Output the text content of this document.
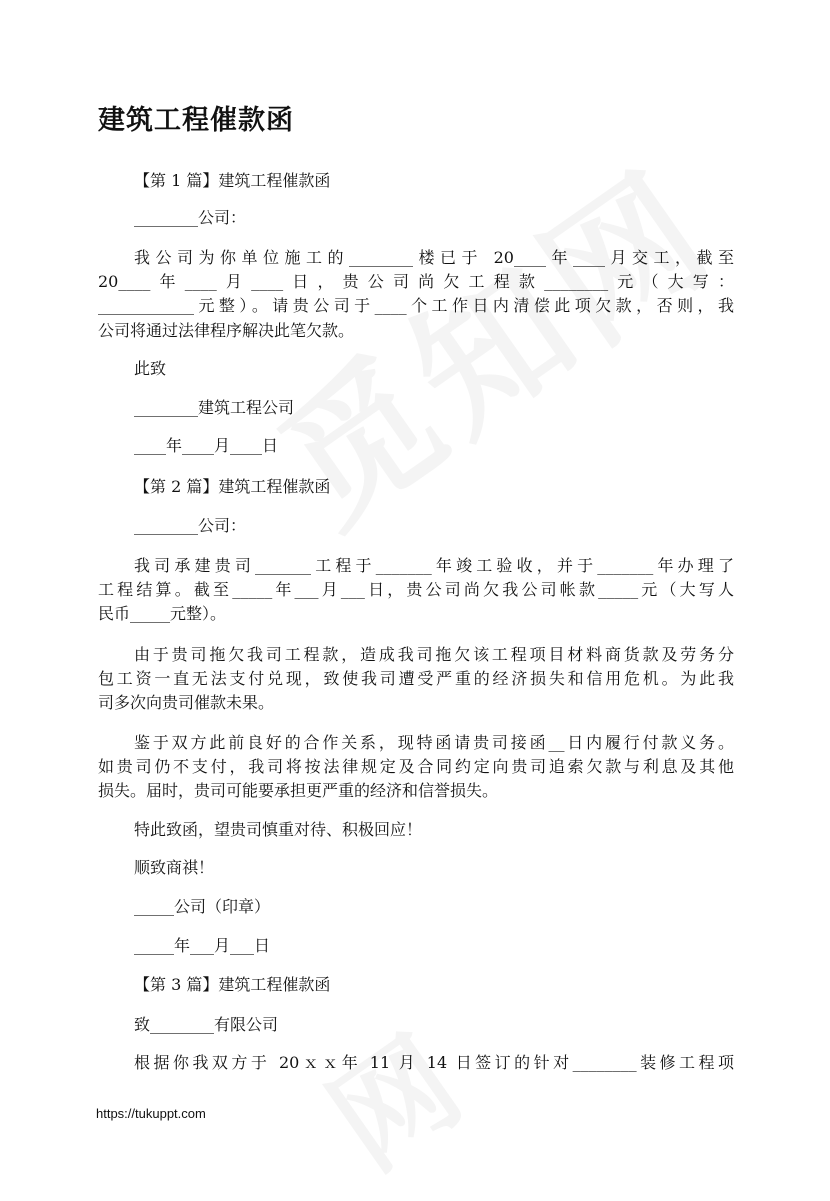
建筑工程催款函
【第 1 篇】建筑工程催款函
________公司：
我公司为你单位施工的________楼已于 20____年____月交工，截至
20____年____月____日，贵公司尚欠工程款________元（大写：
____________元整）。请贵公司于____个工作日内清偿此项欠款，否则，我
公司将通过法律程序解决此笔欠款。
此致
________建筑工程公司
____年____月____日
【第 2 篇】建筑工程催款函
________公司：
我司承建贵司_______工程于_______年竣工验收，并于_______年办理了
工程结算。截至_____年___月___日，贵公司尚欠我公司帐款_____元（大写人
民币_____元整）。
由于贵司拖欠我司工程款，造成我司拖欠该工程项目材料商货款及劳务分
包工资一直无法支付兑现，致使我司遭受严重的经济损失和信用危机。为此我
司多次向贵司催款未果。
鉴于双方此前良好的合作关系，现特函请贵司接函__日内履行付款义务。
如贵司仍不支付，我司将按法律规定及合同约定向贵司追索欠款与利息及其他
损失。届时，贵司可能要承担更严重的经济和信誉损失。
特此致函，望贵司慎重对待、积极回应！
顺致商祺！
_____公司（印章）
_____年___月___日
【第 3 篇】建筑工程催款函
致________有限公司
根据你我双方于 20ｘｘ年 11 月 14 日签订的针对________装修工程项
https://tukuppt.com
